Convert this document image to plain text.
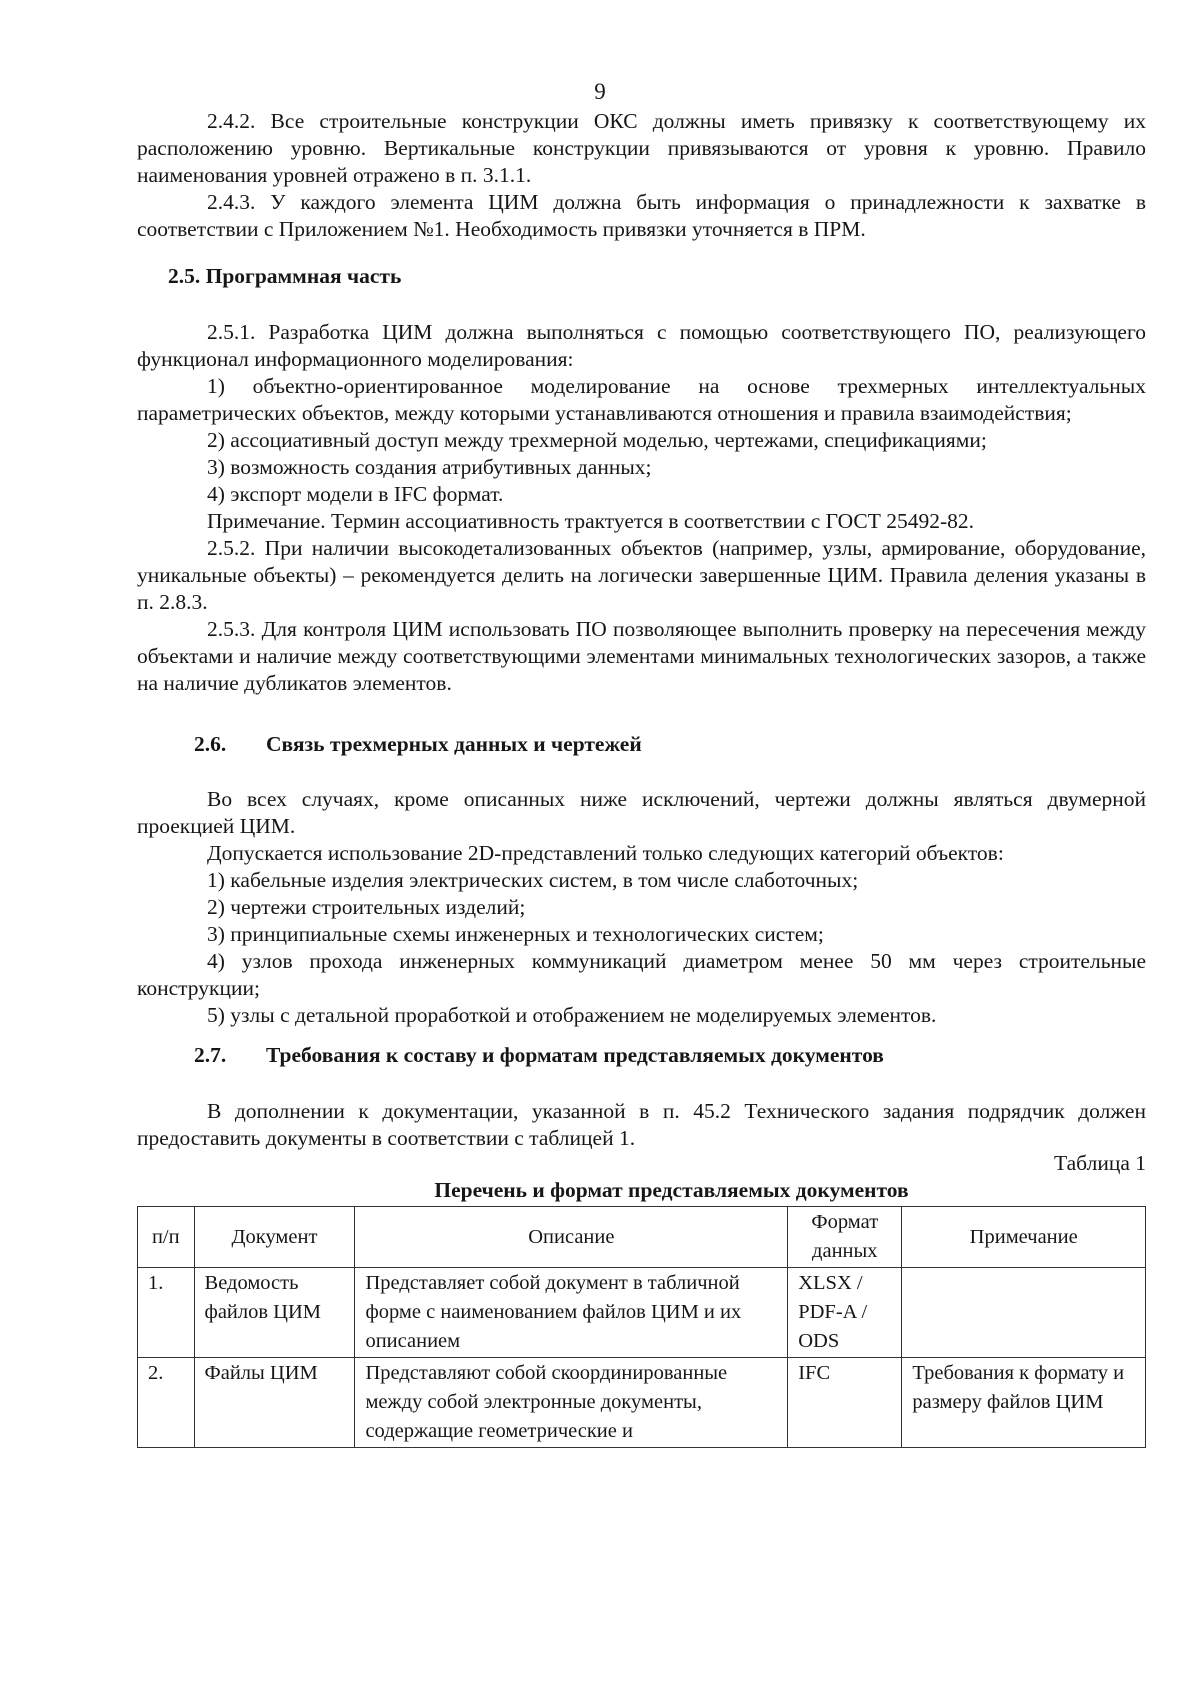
9

2.4.2. Все строительные конструкции ОКС должны иметь привязку к соответствующему их расположению уровню. Вертикальные конструкции привязываются от уровня к уровню. Правило наименования уровней отражено в п. 3.1.1.

2.4.3. У каждого элемента ЦИМ должна быть информация о принадлежности к захватке в соответствии с Приложением №1. Необходимость привязки уточняется в ПРМ.

2.5. Программная часть

2.5.1. Разработка ЦИМ должна выполняться с помощью соответствующего ПО, реализующего функционал информационного моделирования:

1) объектно-ориентированное моделирование на основе трехмерных интеллектуальных параметрических объектов, между которыми устанавливаются отношения и правила взаимодействия;

2) ассоциативный доступ между трехмерной моделью, чертежами, спецификациями;

3) возможность создания атрибутивных данных;

4) экспорт модели в IFC формат.

Примечание. Термин ассоциативность трактуется в соответствии с ГОСТ 25492-82.

2.5.2. При наличии высокодетализованных объектов (например, узлы, армирование, оборудование, уникальные объекты) – рекомендуется делить на логически завершенные ЦИМ. Правила деления указаны в п. 2.8.3.

2.5.3. Для контроля ЦИМ использовать ПО позволяющее выполнить проверку на пересечения между объектами и наличие между соответствующими элементами минимальных технологических зазоров, а также на наличие дубликатов элементов.

2.6. Связь трехмерных данных и чертежей

Во всех случаях, кроме описанных ниже исключений, чертежи должны являться двумерной проекцией ЦИМ.

Допускается использование 2D-представлений только следующих категорий объектов:

1) кабельные изделия электрических систем, в том числе слаботочных;

2) чертежи строительных изделий;

3) принципиальные схемы инженерных и технологических систем;

4) узлов прохода инженерных коммуникаций диаметром менее 50 мм через строительные конструкции;

5) узлы с детальной проработкой и отображением не моделируемых элементов.

2.7. Требования к составу и форматам представляемых документов

В дополнении к документации, указанной в п. 45.2 Технического задания подрядчик должен предоставить документы в соответствии с таблицей 1.

Таблица 1
Перечень и формат представляемых документов
п/п	Документ	Описание	Формат данных	Примечание
1.	Ведомость файлов ЦИМ	Представляет собой документ в табличной форме с наименованием файлов ЦИМ и их описанием	XLSX / PDF-A / ODS	
2.	Файлы ЦИМ	Представляют собой скоординированные между собой электронные документы, содержащие геометрические и	IFC	Требования к формату и размеру файлов ЦИМ
